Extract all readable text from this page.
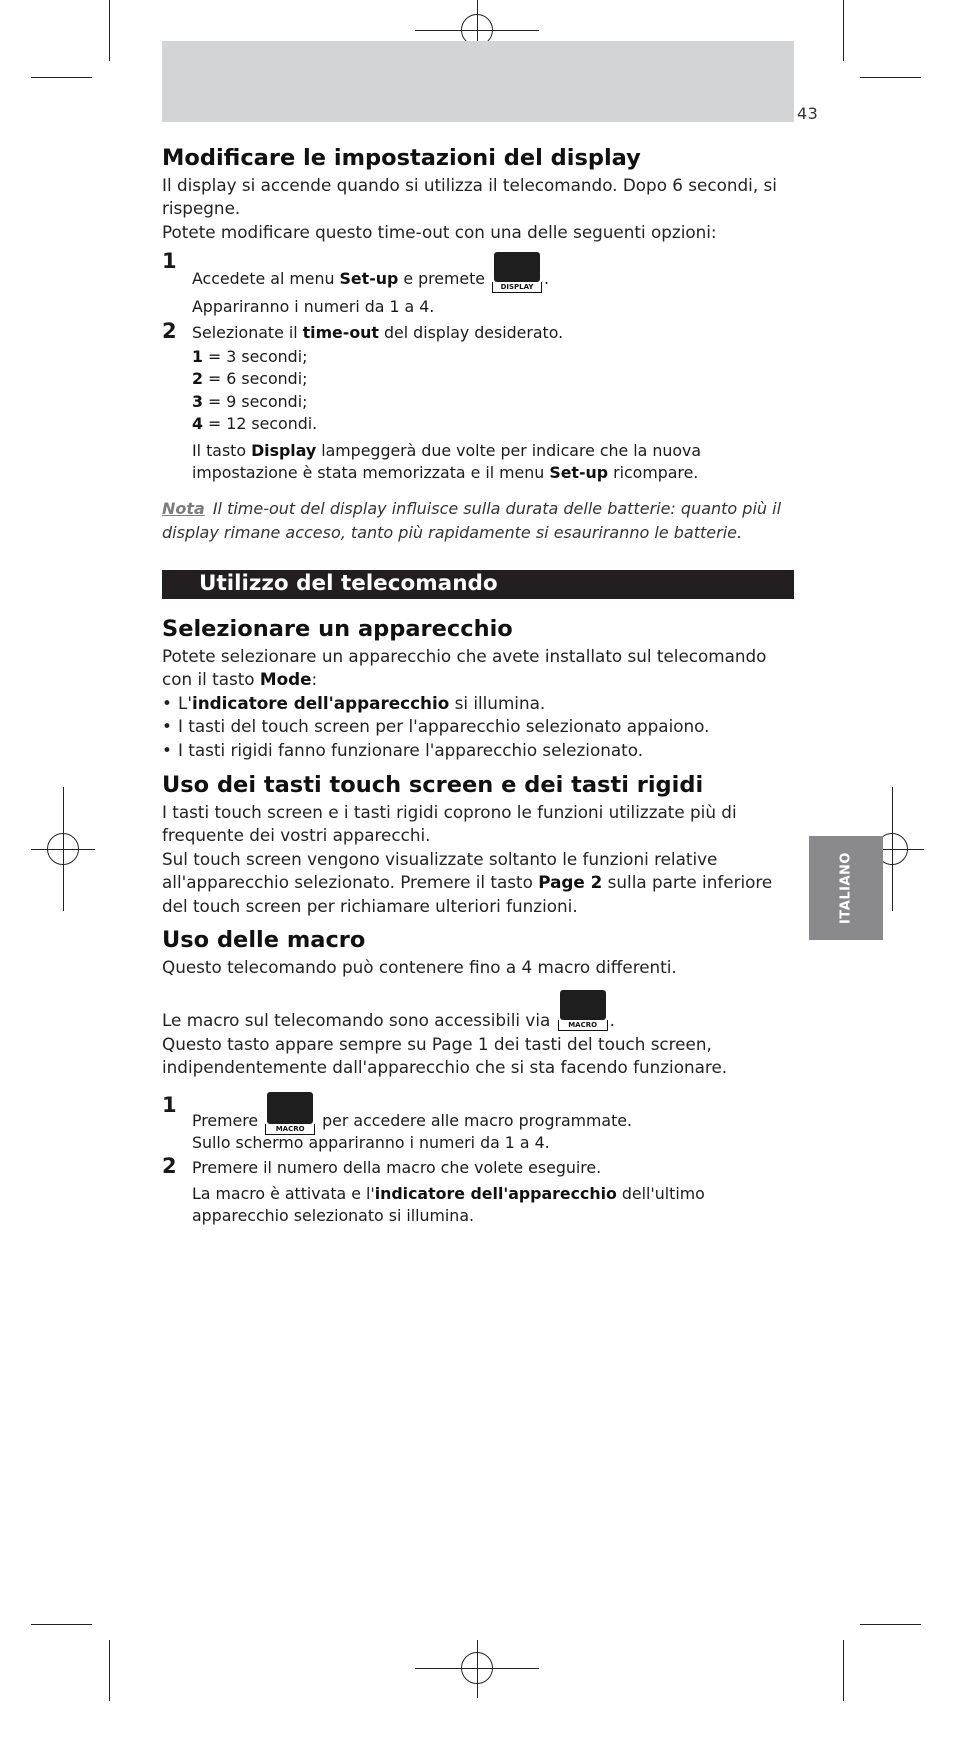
43
Modificare le impostazioni del display

Il display si accende quando si utilizza il telecomando. Dopo 6 secondi, si rispegne.

Potete modificare questo time-out con una delle seguenti opzioni:

1
Accedete al menu Set-up e premete	DISPLAY .
Appariranno i numeri da 1 a 4.
2 Selezionate il time-out del display desiderato.
1 = 3 secondi;
2 = 6 secondi;
3 = 9 secondi;
4 = 12 secondi.
Il tasto Display lampeggerà due volte per indicare che la nuova impostazione è stata memorizzata e il menu Set-up ricompare.
Nota Il time-out del display influisce sulla durata delle batterie: quanto più il display rimane acceso, tanto più rapidamente si esauriranno le batterie.
Utilizzo del telecomando
Selezionare un apparecchio

Potete selezionare un apparecchio che avete installato sul telecomando con il tasto Mode:

• L'indicatore dell'apparecchio si illumina.
• I tasti del touch screen per l'apparecchio selezionato appaiono.
• I tasti rigidi fanno funzionare l'apparecchio selezionato.
Uso dei tasti touch screen e dei tasti rigidi

I tasti touch screen e i tasti rigidi coprono le funzioni utilizzate più di frequente dei vostri apparecchi.

Sul touch screen vengono visualizzate soltanto le funzioni relative all'apparecchio selezionato. Premere il tasto Page 2 sulla parte inferiore del touch screen per richiamare ulteriori funzioni.

Uso delle macro

Questo telecomando può contenere fino a 4 macro differenti.

Le macro sul telecomando sono accessibili via	MACRO .

Questo tasto appare sempre su Page 1 dei tasti del touch screen, indipendentemente dall'apparecchio che si sta facendo funzionare.

1
Premere	MACRO	per accedere alle macro programmate.
Sullo schermo appariranno i numeri da 1 a 4.
2 Premere il numero della macro che volete eseguire.
La macro è attivata e l'indicatore dell'apparecchio dell'ultimo apparecchio selezionato si illumina.
ITALIANO
